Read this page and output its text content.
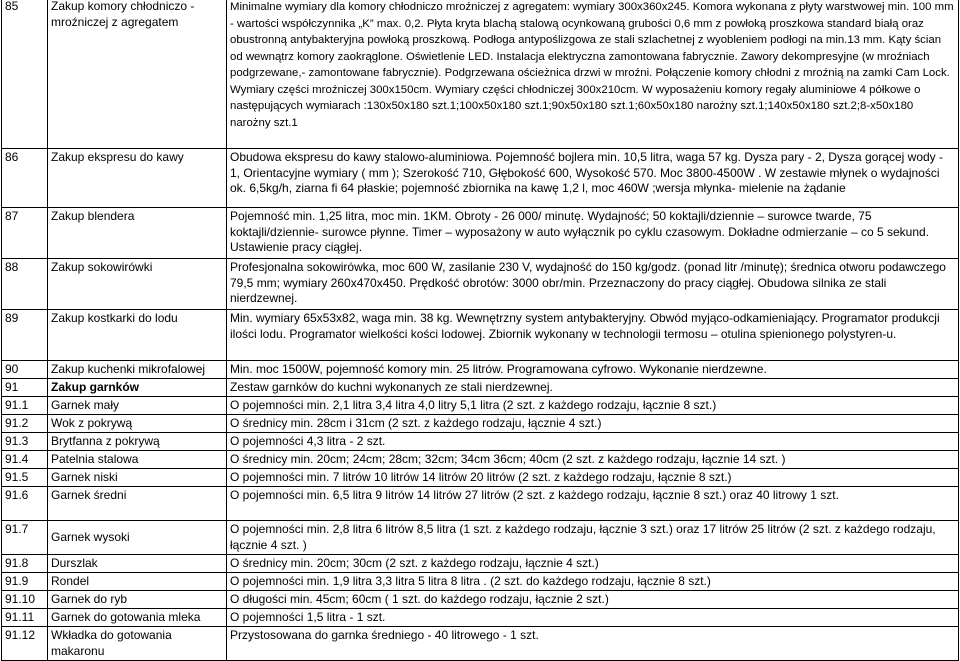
85	Zakup komory chłodniczo - mroźniczej z agregatem	Minimalne wymiary dla komory chłodniczo mroźniczej z agregatem: wymiary 300x360x245. Komora wykonana z płyty warstwowej min. 100 mm - wartości współczynnika „K” max. 0,2. Płyta kryta blachą stalową ocynkowaną grubości 0,6 mm z powłoką proszkowa standard białą oraz obustronną antybakteryjna powłoką proszkową. Podłoga antypoślizgowa ze stali szlachetnej z wyobleniem podłogi na min.13 mm. Kąty ścian od wewnątrz komory zaokrąglone. Oświetlenie LED. Instalacja elektryczna zamontowana fabrycznie. Zawory dekompresyjne (w mroźniach podgrzewane,- zamontowane fabrycznie). Podgrzewana ościeżnica drzwi w mroźni. Połączenie komory chłodni z mroźnią na zamki Cam Lock. Wymiary części mroźniczej 300x150cm. Wymiary części chłodniczej 300x210cm. W wyposażeniu komory regały aluminiowe 4 półkowe o następujących wymiarach :130x50x180 szt.1;100x50x180 szt.1;90x50x180 szt.1;60x50x180 narożny szt.1;140x50x180 szt.2;8-x50x180 narożny szt.1
86	Zakup ekspresu do kawy	Obudowa ekspresu do kawy stalowo-aluminiowa. Pojemność bojlera min. 10,5 litra, waga 57 kg. Dysza pary - 2, Dysza gorącej wody - 1, Orientacyjne wymiary ( mm ); Szerokość 710, Głębokość 600, Wysokość 570. Moc 3800-4500W . W zestawie młynek o wydajności ok. 6,5kg/h, ziarna fi 64 płaskie; pojemność zbiornika na kawę 1,2 l, moc 460W ;wersja młynka- mielenie na żądanie
87	Zakup blendera	Pojemność min. 1,25 litra, moc min. 1KM. Obroty - 26 000/ minutę. Wydajność; 50 koktajli/dziennie – surowce twarde, 75 koktajli/dziennie- surowce płynne. Timer – wyposażony w auto wyłącznik po cyklu czasowym. Dokładne odmierzanie – co 5 sekund. Ustawienie pracy ciągłej.
88	Zakup sokowirówki	Profesjonalna sokowirówka, moc 600 W, zasilanie 230 V, wydajność do 150 kg/godz. (ponad litr /minutę); średnica otworu podawczego 79,5 mm; wymiary 260x470x450. Prędkość obrotów: 3000 obr/min. Przeznaczony do pracy ciągłej. Obudowa silnika ze stali nierdzewnej.
89	Zakup kostkarki do lodu	Min. wymiary 65x53x82, waga min. 38 kg. Wewnętrzny system antybakteryjny. Obwód myjąco-odkamieniający. Programator produkcji ilości lodu. Programator wielkości kości lodowej. Zbiornik wykonany w technologii termosu – otulina spienionego polystyren-u.
90	Zakup kuchenki mikrofalowej	Min. moc 1500W, pojemność komory min. 25 litrów. Programowana cyfrowo. Wykonanie nierdzewne.
91	Zakup garnków	Zestaw garnków do kuchni wykonanych ze stali nierdzewnej.
91.1	Garnek mały	O pojemności min. 2,1 litra 3,4 litra 4,0 litry 5,1 litra (2 szt. z każdego rodzaju, łącznie 8 szt.)
91.2	Wok z pokrywą	O średnicy min. 28cm i 31cm (2 szt. z każdego rodzaju, łącznie 4 szt.)
91.3	Brytfanna z pokrywą	O pojemności 4,3 litra - 2 szt.
91.4	Patelnia stalowa	O średnicy min. 20cm; 24cm; 28cm; 32cm; 34cm 36cm; 40cm (2 szt. z każdego rodzaju, łącznie 14 szt. )
91.5	Garnek niski	O pojemności min. 7 litrów 10 litrów 14 litrów 20 litrów (2 szt. z każdego rodzaju, łącznie 8 szt.)
91.6	Garnek średni	O pojemności min. 6,5 litra 9 litrów 14 litrów 27 litrów (2 szt. z każdego rodzaju, łącznie 8 szt.) oraz 40 litrowy 1 szt.
91.7	Garnek wysoki	O pojemności min. 2,8 litra 6 litrów 8,5 litra (1 szt. z każdego rodzaju, łącznie 3 szt.) oraz 17 litrów 25 litrów (2 szt. z każdego rodzaju, łącznie 4 szt. )
91.8	Durszlak	O średnicy min. 20cm; 30cm (2 szt. z każdego rodzaju, łącznie 4 szt.)
91.9	Rondel	O pojemności min. 1,9 litra 3,3 litra 5 litra 8 litra . (2 szt. do każdego rodzaju, łącznie 8 szt.)
91.10	Garnek do ryb	O długości min. 45cm; 60cm ( 1 szt. do każdego rodzaju, łącznie 2 szt.)
91.11	Garnek do gotowania mleka	O pojemności 1,5 litra - 1 szt.
91.12	Wkładka do gotowania makaronu	Przystosowana do garnka średniego - 40 litrowego - 1 szt.
